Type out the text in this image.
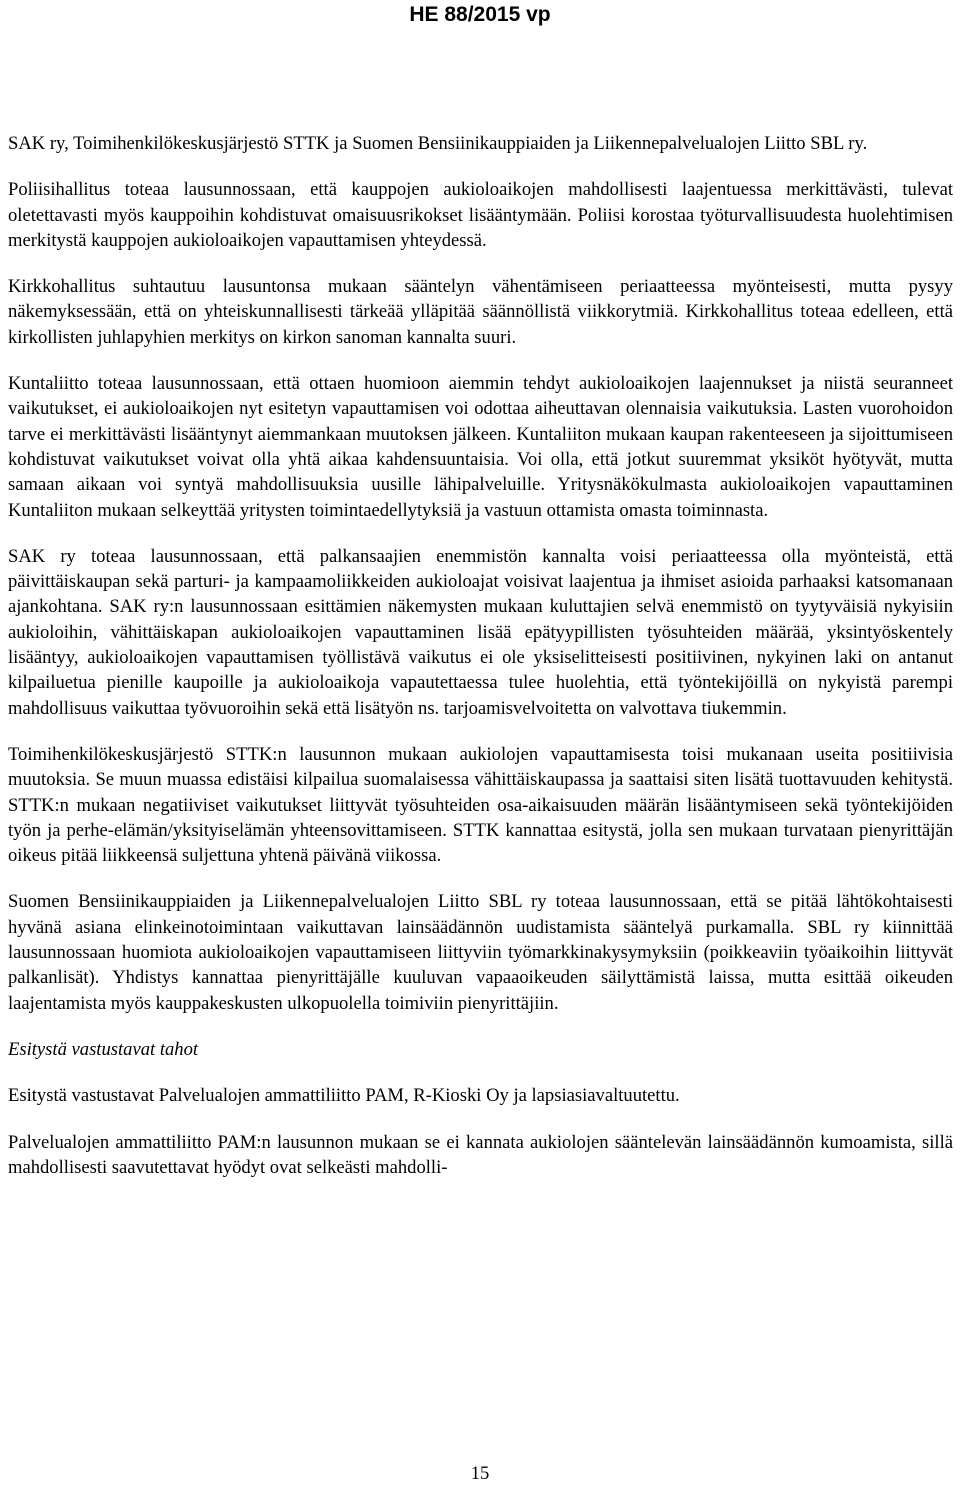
HE 88/2015 vp

SAK ry, Toimihenkilökeskusjärjestö STTK ja Suomen Bensiinikauppiaiden ja Liikennepalvelualojen Liitto SBL ry.

Poliisihallitus toteaa lausunnossaan, että kauppojen aukioloaikojen mahdollisesti laajentuessa merkittävästi, tulevat oletettavasti myös kauppoihin kohdistuvat omaisuusrikokset lisääntymään. Poliisi korostaa työturvallisuudesta huolehtimisen merkitystä kauppojen aukioloaikojen vapauttamisen yhteydessä.

Kirkkohallitus suhtautuu lausuntonsa mukaan sääntelyn vähentämiseen periaatteessa myönteisesti, mutta pysyy näkemyksessään, että on yhteiskunnallisesti tärkeää ylläpitää säännöllistä viikkorytmiä. Kirkkohallitus toteaa edelleen, että kirkollisten juhlapyhien merkitys on kirkon sanoman kannalta suuri.

Kuntaliitto toteaa lausunnossaan, että ottaen huomioon aiemmin tehdyt aukioloaikojen laajennukset ja niistä seuranneet vaikutukset, ei aukioloaikojen nyt esitetyn vapauttamisen voi odottaa aiheuttavan olennaisia vaikutuksia. Lasten vuorohoidon tarve ei merkittävästi lisääntynyt aiemmankaan muutoksen jälkeen. Kuntaliiton mukaan kaupan rakenteeseen ja sijoittumiseen kohdistuvat vaikutukset voivat olla yhtä aikaa kahdensuuntaisia. Voi olla, että jotkut suuremmat yksiköt hyötyvät, mutta samaan aikaan voi syntyä mahdollisuuksia uusille lähipalveluille. Yritysnäkökulmasta aukioloaikojen vapauttaminen Kuntaliiton mukaan selkeyttää yritysten toimintaedellytyksiä ja vastuun ottamista omasta toiminnasta.

SAK ry toteaa lausunnossaan, että palkansaajien enemmistön kannalta voisi periaatteessa olla myönteistä, että päivittäiskaupan sekä parturi- ja kampaamoliikkeiden aukioloajat voisivat laajentua ja ihmiset asioida parhaaksi katsomanaan ajankohtana. SAK ry:n lausunnossaan esittämien näkemysten mukaan kuluttajien selvä enemmistö on tyytyväisiä nykyisiin aukioloihin, vähittäiskapan aukioloaikojen vapauttaminen lisää epätyypillisten työsuhteiden määrää, yksintyöskentely lisääntyy, aukioloaikojen vapauttamisen työllistävä vaikutus ei ole yksiselitteisesti positiivinen, nykyinen laki on antanut kilpailuetua pienille kaupoille ja aukioloaikoja vapautettaessa tulee huolehtia, että työntekijöillä on nykyistä parempi mahdollisuus vaikuttaa työvuoroihin sekä että lisätyön ns. tarjoamisvelvoitetta on valvottava tiukemmin.

Toimihenkilökeskusjärjestö STTK:n lausunnon mukaan aukiolojen vapauttamisesta toisi mukanaan useita positiivisia muutoksia. Se muun muassa edistäisi kilpailua suomalaisessa vähittäiskaupassa ja saattaisi siten lisätä tuottavuuden kehitystä. STTK:n mukaan negatiiviset vaikutukset liittyvät työsuhteiden osa-aikaisuuden määrän lisääntymiseen sekä työntekijöiden työn ja perhe-elämän/yksityiselämän yhteensovittamiseen. STTK kannattaa esitystä, jolla sen mukaan turvataan pienyrittäjän oikeus pitää liikkeensä suljettuna yhtenä päivänä viikossa.

Suomen Bensiinikauppiaiden ja Liikennepalvelualojen Liitto SBL ry toteaa lausunnossaan, että se pitää lähtökohtaisesti hyvänä asiana elinkeinotoimintaan vaikuttavan lainsäädännön uudistamista sääntelyä purkamalla. SBL ry kiinnittää lausunnossaan huomiota aukioloaikojen vapauttamiseen liittyviin työmarkkinakysymyksiin (poikkeaviin työaikoihin liittyvät palkanlisät). Yhdistys kannattaa pienyrittäjälle kuuluvan vapaaoikeuden säilyttämistä laissa, mutta esittää oikeuden laajentamista myös kauppakeskusten ulkopuolella toimiviin pienyrittäjiin.

Esitystä vastustavat tahot

Esitystä vastustavat Palvelualojen ammattiliitto PAM, R-Kioski Oy ja lapsiasiavaltuutettu.

Palvelualojen ammattiliitto PAM:n lausunnon mukaan se ei kannata aukiolojen sääntelevän lainsäädännön kumoamista, sillä mahdollisesti saavutettavat hyödyt ovat selkeästi mahdolli-

15
